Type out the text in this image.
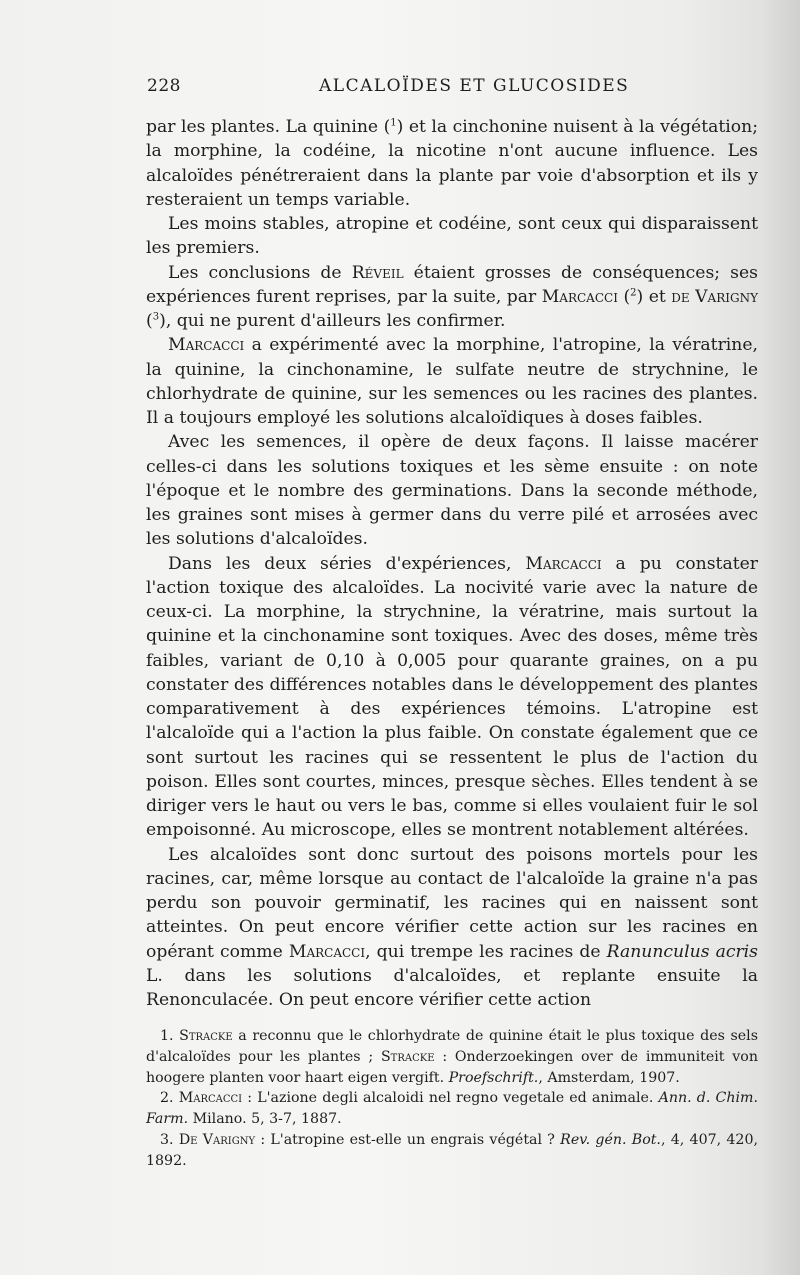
228	ALCALOÏDES ET GLUCOSIDES

par les plantes. La quinine ($^1$) et la cinchonine nuisent à la végétation; la morphine, la codéine, la nicotine n'ont aucune influence. Les alcaloïdes pénétreraient dans la plante par voie d'absorption et ils y resteraient un temps variable.

Les moins stables, atropine et codéine, sont ceux qui disparaissent les premiers.

Les conclusions de Réveil étaient grosses de conséquences; ses expériences furent reprises, par la suite, par Marcacci ($^2$) et de Varigny ($^3$), qui ne purent d'ailleurs les confirmer.

Marcacci a expérimenté avec la morphine, l'atropine, la vératrine, la quinine, la cinchonamine, le sulfate neutre de strychnine, le chlorhydrate de quinine, sur les semences ou les racines des plantes. Il a toujours employé les solutions alcaloïdiques à doses faibles.

Avec les semences, il opère de deux façons. Il laisse macérer celles-ci dans les solutions toxiques et les sème ensuite : on note l'époque et le nombre des germinations. Dans la seconde méthode, les graines sont mises à germer dans du verre pilé et arrosées avec les solutions d'alcaloïdes.

Dans les deux séries d'expériences, Marcacci a pu constater l'action toxique des alcaloïdes. La nocivité varie avec la nature de ceux-ci. La morphine, la strychnine, la vératrine, mais surtout la quinine et la cinchonamine sont toxiques. Avec des doses, même très faibles, variant de 0,10 à 0,005 pour quarante graines, on a pu constater des différences notables dans le développement des plantes comparativement à des expériences témoins. L'atropine est l'alcaloïde qui a l'action la plus faible. On constate également que ce sont surtout les racines qui se ressentent le plus de l'action du poison. Elles sont courtes, minces, presque sèches. Elles tendent à se diriger vers le haut ou vers le bas, comme si elles voulaient fuir le sol empoisonné. Au microscope, elles se montrent notablement altérées.

Les alcaloïdes sont donc surtout des poisons mortels pour les racines, car, même lorsque au contact de l'alcaloïde la graine n'a pas perdu son pouvoir germinatif, les racines qui en naissent sont atteintes. On peut encore vérifier cette action sur les racines en opérant comme Marcacci, qui trempe les racines de Ranunculus acris L. dans les solutions d'alcaloïdes, et replante ensuite la Renonculacée. On peut encore vérifier cette action

1. Stracke a reconnu que le chlorhydrate de quinine était le plus toxique des sels d'alcaloïdes pour les plantes ; Stracke : Onderzoekingen over de immuniteit von hoogere planten voor haart eigen vergift. Proefschrift., Amsterdam, 1907.

2. Marcacci : L'azione degli alcaloidi nel regno vegetale ed animale. Ann. d. Chim. Farm. Milano. 5, 3-7, 1887.

3. De Varigny : L'atropine est-elle un engrais végétal ? Rev. gén. Bot., 4, 407, 420, 1892.
